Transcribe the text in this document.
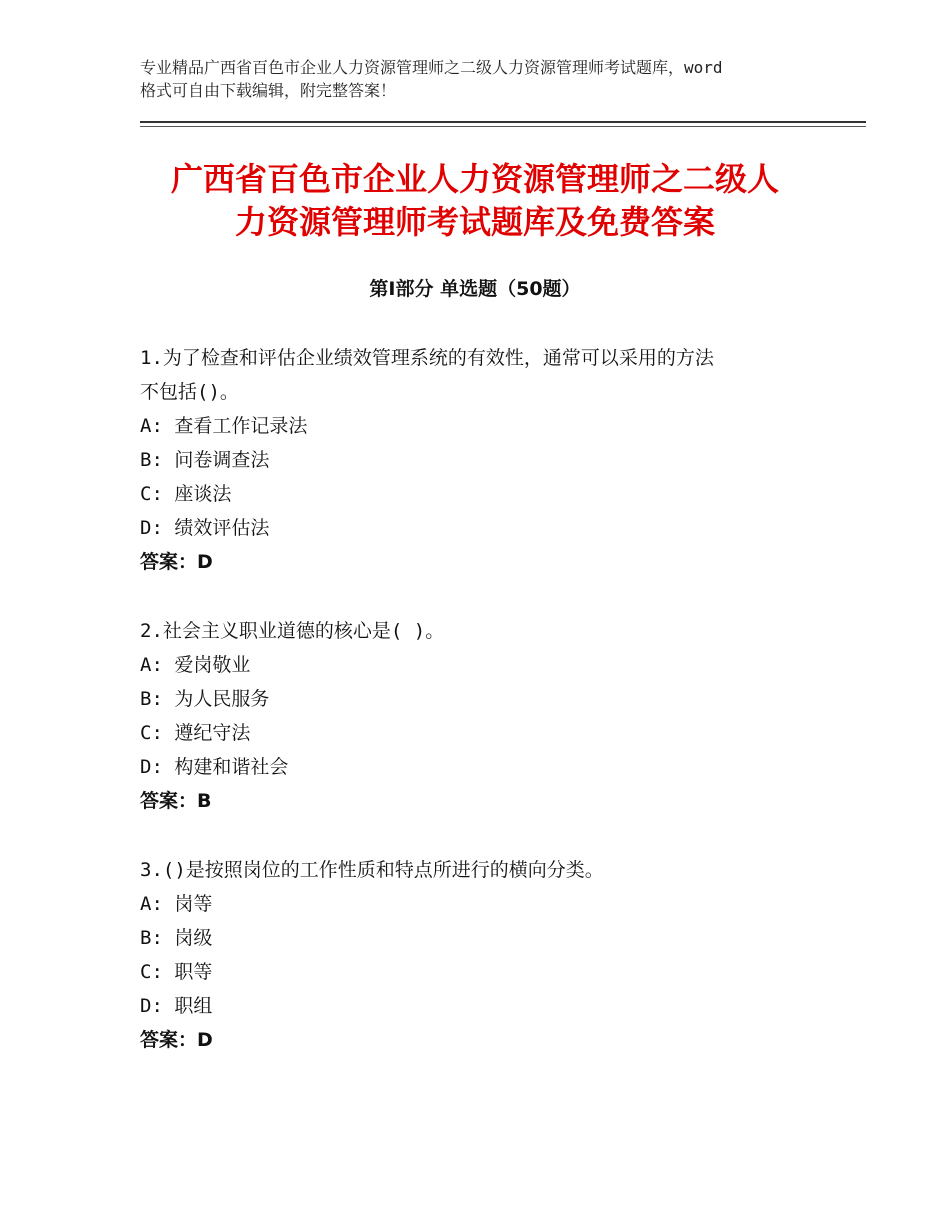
专业精品广西省百色市企业人力资源管理师之二级人力资源管理师考试题库，word
格式可自由下载编辑，附完整答案！
广西省百色市企业人力资源管理师之二级人
力资源管理师考试题库及免费答案
第Ⅰ部分 单选题（50题）
1.为了检查和评估企业绩效管理系统的有效性，通常可以采用的方法
不包括()。
A: 查看工作记录法
B: 问卷调查法
C: 座谈法
D: 绩效评估法
答案：D
2.社会主义职业道德的核心是( )。
A: 爱岗敬业
B: 为人民服务
C: 遵纪守法
D: 构建和谐社会
答案：B
3.()是按照岗位的工作性质和特点所进行的横向分类。
A: 岗等
B: 岗级
C: 职等
D: 职组
答案：D
